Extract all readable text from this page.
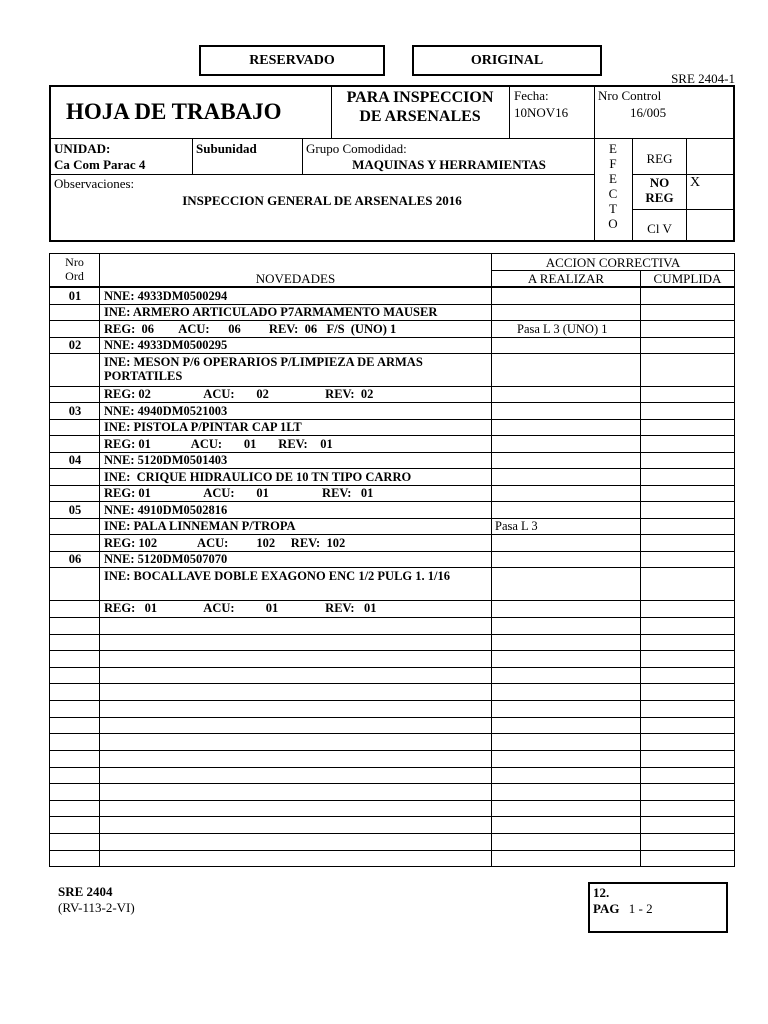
RESERVADO	ORIGINAL
SRE 2404-1
HOJA DE TRABAJO
PARA INSPECCION
DE ARSENALES
Fecha:
10NOV16
Nro Control
16/005
UNIDAD:
Ca Com Parac 4
Subunidad	Grupo Comodidad:
MAQUINAS Y HERRAMIENTAS
Observaciones:
INSPECCION GENERAL DE ARSENALES 2016
E
F
E
C
T
O
REG
NO
REG
X
Cl V
Nro
Ord	NOVEDADES
ACCION CORRECTIVA
A REALIZAR	CUMPLIDA
01	NNE: 4933DM0500294
INE: ARMERO ARTICULADO P7ARMAMENTO MAUSER
REG:  06        ACU:      06         REV:  06   F/S  (UNO) 1	Pasa L 3 (UNO) 1
02	NNE: 4933DM0500295
INE: MESON P/6 OPERARIOS P/LIMPIEZA DE ARMAS PORTATILES
REG: 02                 ACU:       02                  REV:  02
03	NNE: 4940DM0521003
INE: PISTOLA P/PINTAR CAP 1LT
REG: 01             ACU:       01       REV:    01
04	NNE: 5120DM0501403
INE:  CRIQUE HIDRAULICO DE 10 TN TIPO CARRO
REG: 01                 ACU:       01                 REV:   01
05	NNE: 4910DM0502816
INE: PALA LINNEMAN P/TROPA	Pasa L 3
REG: 102             ACU:         102     REV:  102
06	NNE: 5120DM0507070
INE: BOCALLAVE DOBLE EXAGONO ENC 1/2 PULG 1. 1/16
REG:   01               ACU:          01               REV:   01
SRE 2404
(RV-113-2-VI)
12.
PAG 1 - 2
